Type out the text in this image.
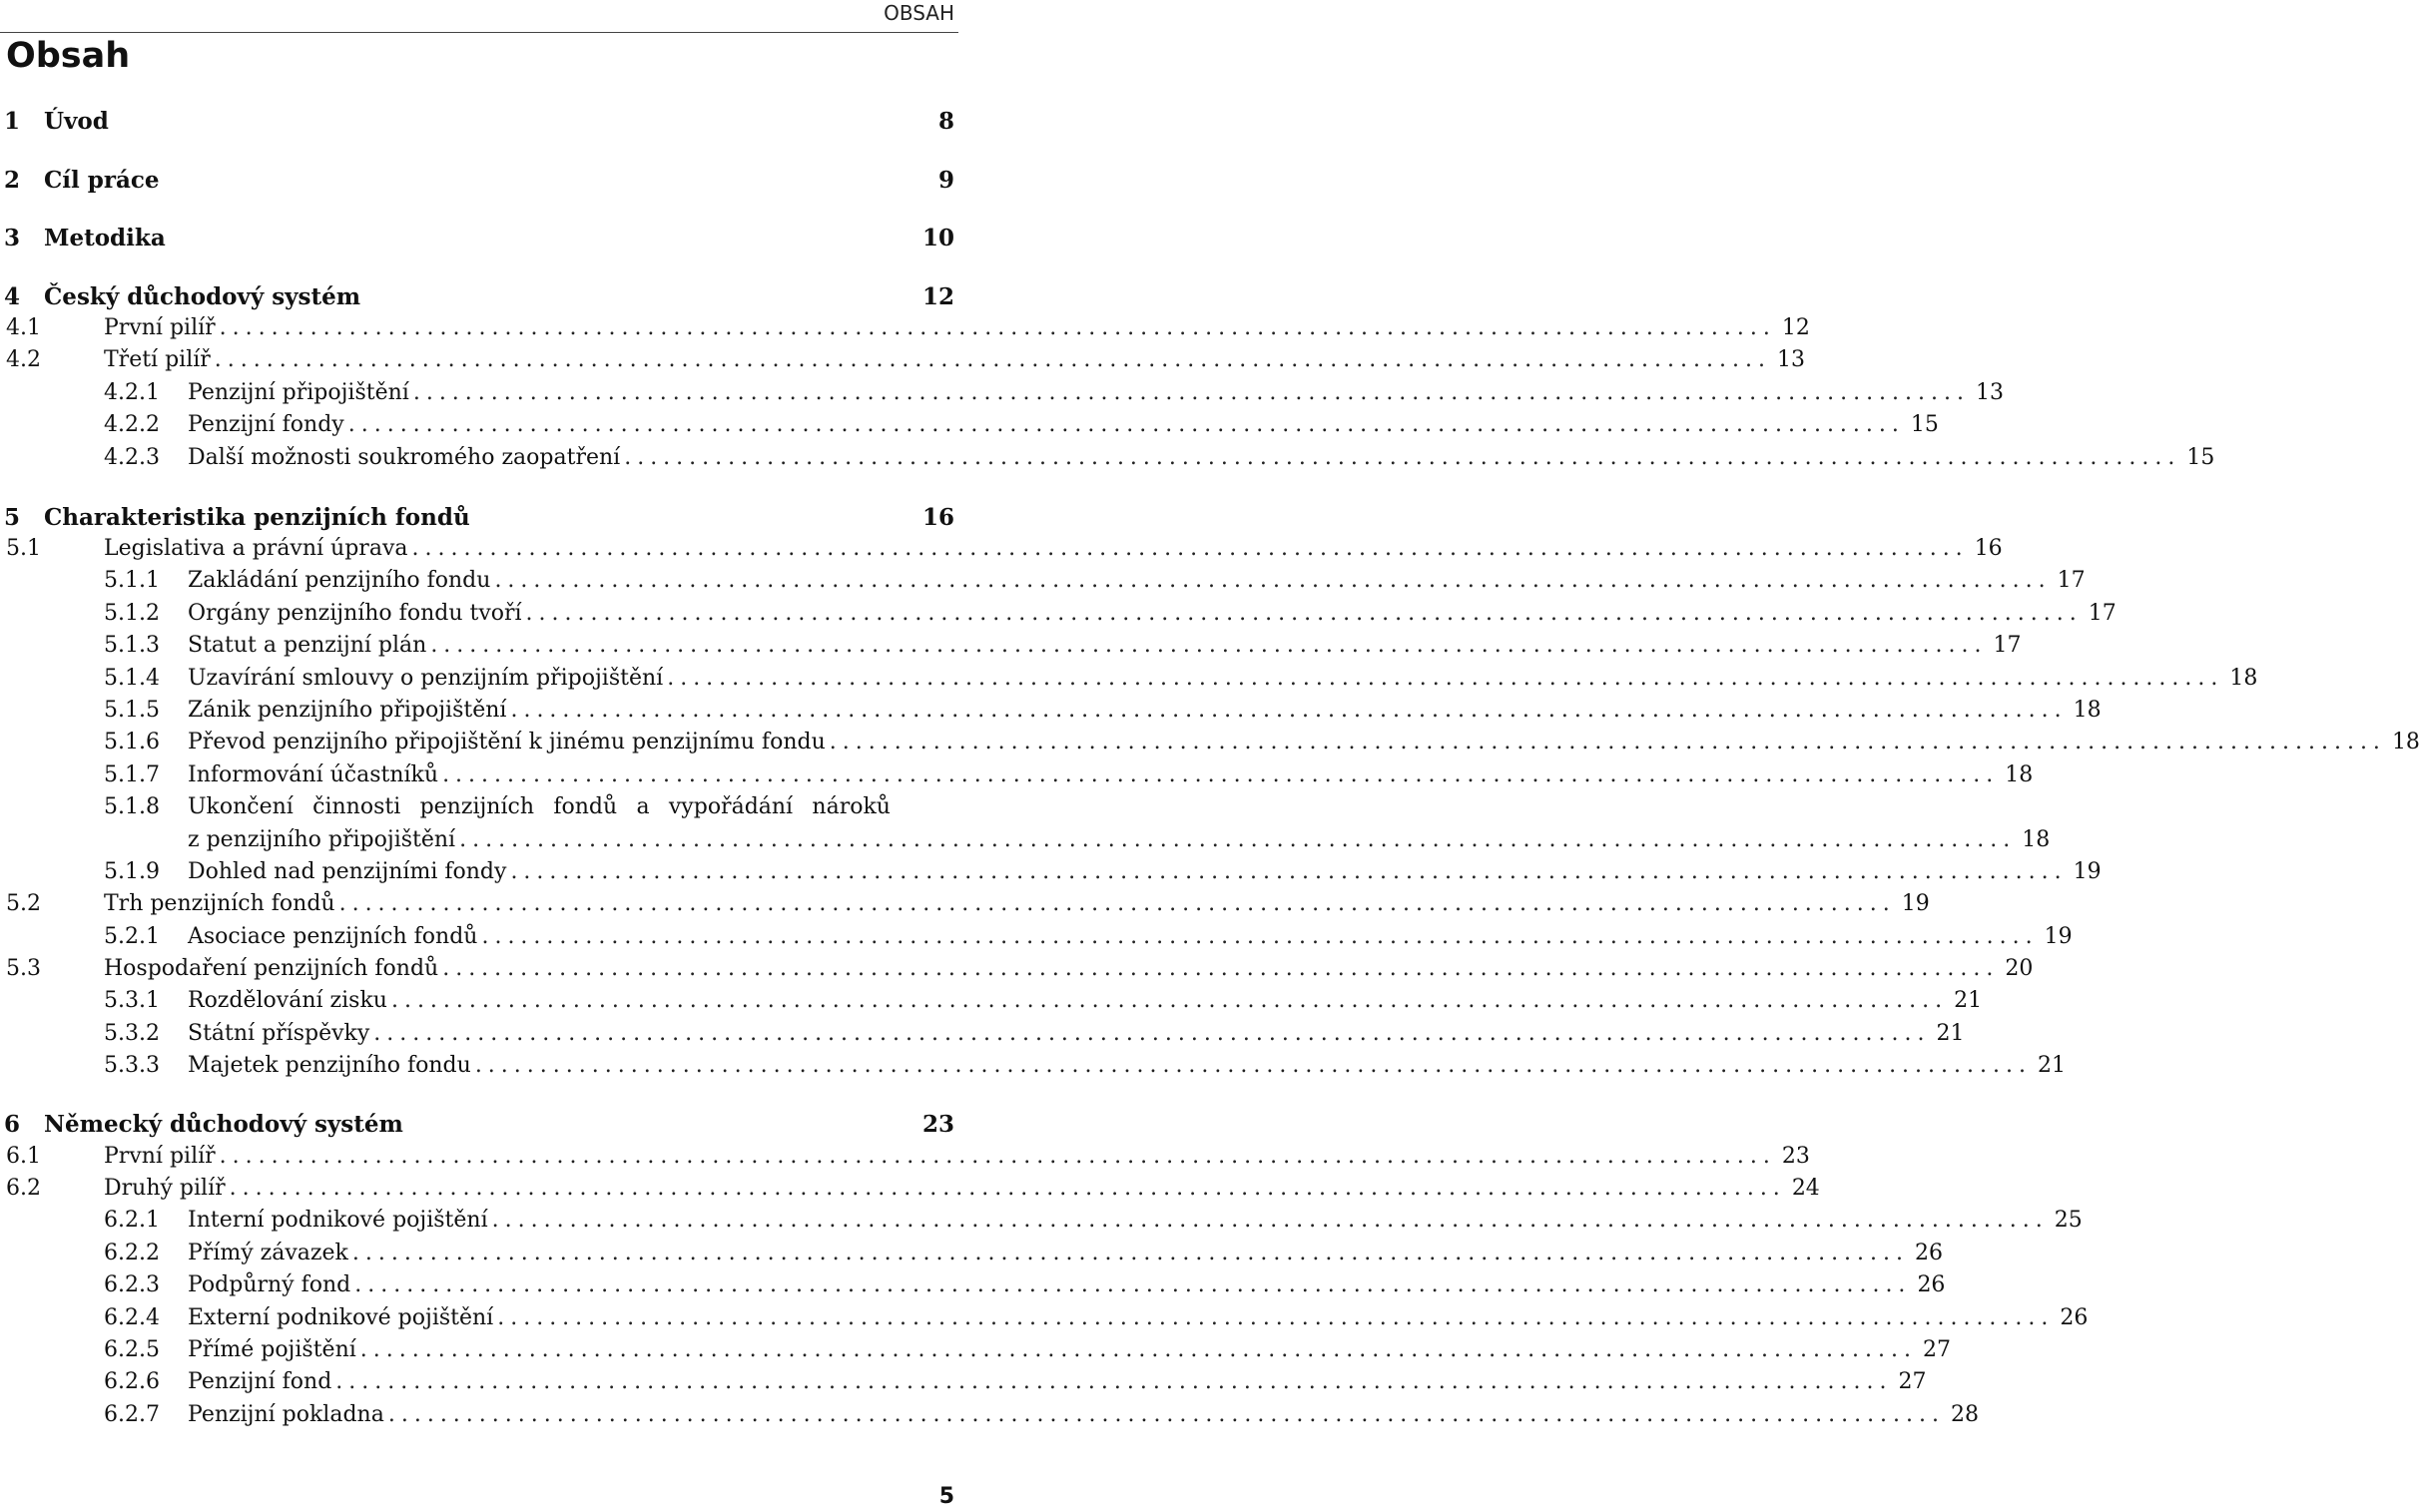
OBSAH
Obsah
1	Úvod	8
2	Cíl práce	9
3	Metodika	10
4	Český důchodový systém	12
4.1	První pilíř ........................................................................................................................ 12
4.2	Třetí pilíř ........................................................................................................................ 13
4.2.1	Penzijní připojištění ........................................................................................................................ 13
4.2.2	Penzijní fondy ........................................................................................................................ 15
4.2.3	Další možnosti soukromého zaopatření ........................................................................................................................ 15
5	Charakteristika penzijních fondů	16
5.1	Legislativa a právní úprava ........................................................................................................................ 16
5.1.1	Zakládání penzijního fondu ........................................................................................................................ 17
5.1.2	Orgány penzijního fondu tvoří ........................................................................................................................ 17
5.1.3	Statut a penzijní plán ........................................................................................................................ 17
5.1.4	Uzavírání smlouvy o penzijním připojištění ........................................................................................................................ 18
5.1.5	Zánik penzijního připojištění ........................................................................................................................ 18
5.1.6	Převod penzijního připojištění k jinému penzijnímu fondu ........................................................................................................................ 18
5.1.7	Informování účastníků ........................................................................................................................ 18
5.1.8	Ukončení činnosti penzijních fondů a vypořádání nároků
z penzijního připojištění ........................................................................................................................ 18
5.1.9	Dohled nad penzijními fondy ........................................................................................................................ 19
5.2	Trh penzijních fondů ........................................................................................................................ 19
5.2.1	Asociace penzijních fondů ........................................................................................................................ 19
5.3	Hospodaření penzijních fondů ........................................................................................................................ 20
5.3.1	Rozdělování zisku ........................................................................................................................ 21
5.3.2	Státní příspěvky ........................................................................................................................ 21
5.3.3	Majetek penzijního fondu ........................................................................................................................ 21
6	Německý důchodový systém	23
6.1	První pilíř ........................................................................................................................ 23
6.2	Druhý pilíř ........................................................................................................................ 24
6.2.1	Interní podnikové pojištění ........................................................................................................................ 25
6.2.2	Přímý závazek ........................................................................................................................ 26
6.2.3	Podpůrný fond ........................................................................................................................ 26
6.2.4	Externí podnikové pojištění ........................................................................................................................ 26
6.2.5	Přímé pojištění ........................................................................................................................ 27
6.2.6	Penzijní fond ........................................................................................................................ 27
6.2.7	Penzijní pokladna ........................................................................................................................ 28
5
